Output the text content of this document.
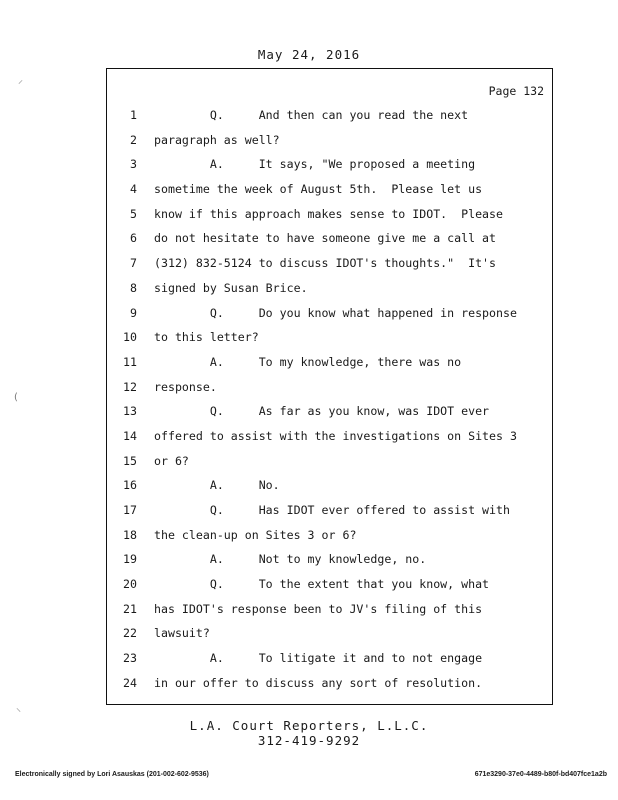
May 24, 2016
Page 132
1 Q.     And then can you read the next
2 paragraph as well?
3 A.     It says, "We proposed a meeting
4 sometime the week of August 5th.  Please let us
5 know if this approach makes sense to IDOT.  Please
6 do not hesitate to have someone give me a call at
7 (312) 832-5124 to discuss IDOT's thoughts."  It's
8 signed by Susan Brice.
9 Q.     Do you know what happened in response
10 to this letter?
11 A.     To my knowledge, there was no
12 response.
13 Q.     As far as you know, was IDOT ever
14 offered to assist with the investigations on Sites 3
15 or 6?
16 A.     No.
17 Q.     Has IDOT ever offered to assist with
18 the clean-up on Sites 3 or 6?
19 A.     Not to my knowledge, no.
20 Q.     To the extent that you know, what
21 has IDOT's response been to JV's filing of this
22 lawsuit?
23 A.     To litigate it and to not engage
24 in our offer to discuss any sort of resolution.
L.A. Court Reporters, L.L.C.
312-419-9292
Electronically signed by Lori Asauskas (201-002-602-9536)	671e3290-37e0-4489-b80f-bd407fce1a2b
⸝
(
⸜
